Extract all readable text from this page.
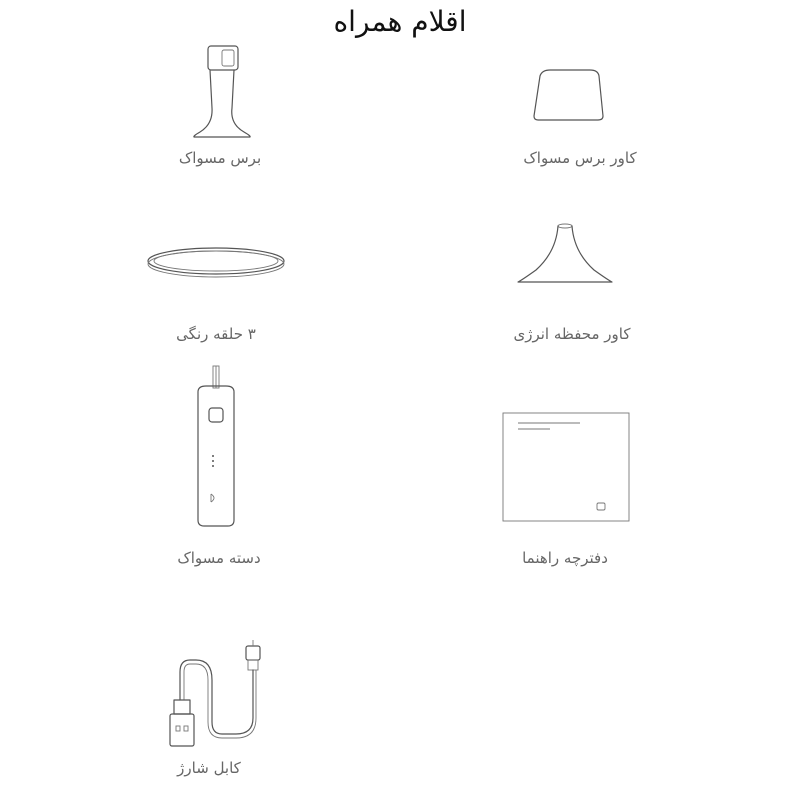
اقلام همراه
برس مسواک	کاور برس مسواک
۳ حلقه رنگی	کاور محفظه انرژی
دسته مسواک	دفترچه راهنما
کابل شارژ
